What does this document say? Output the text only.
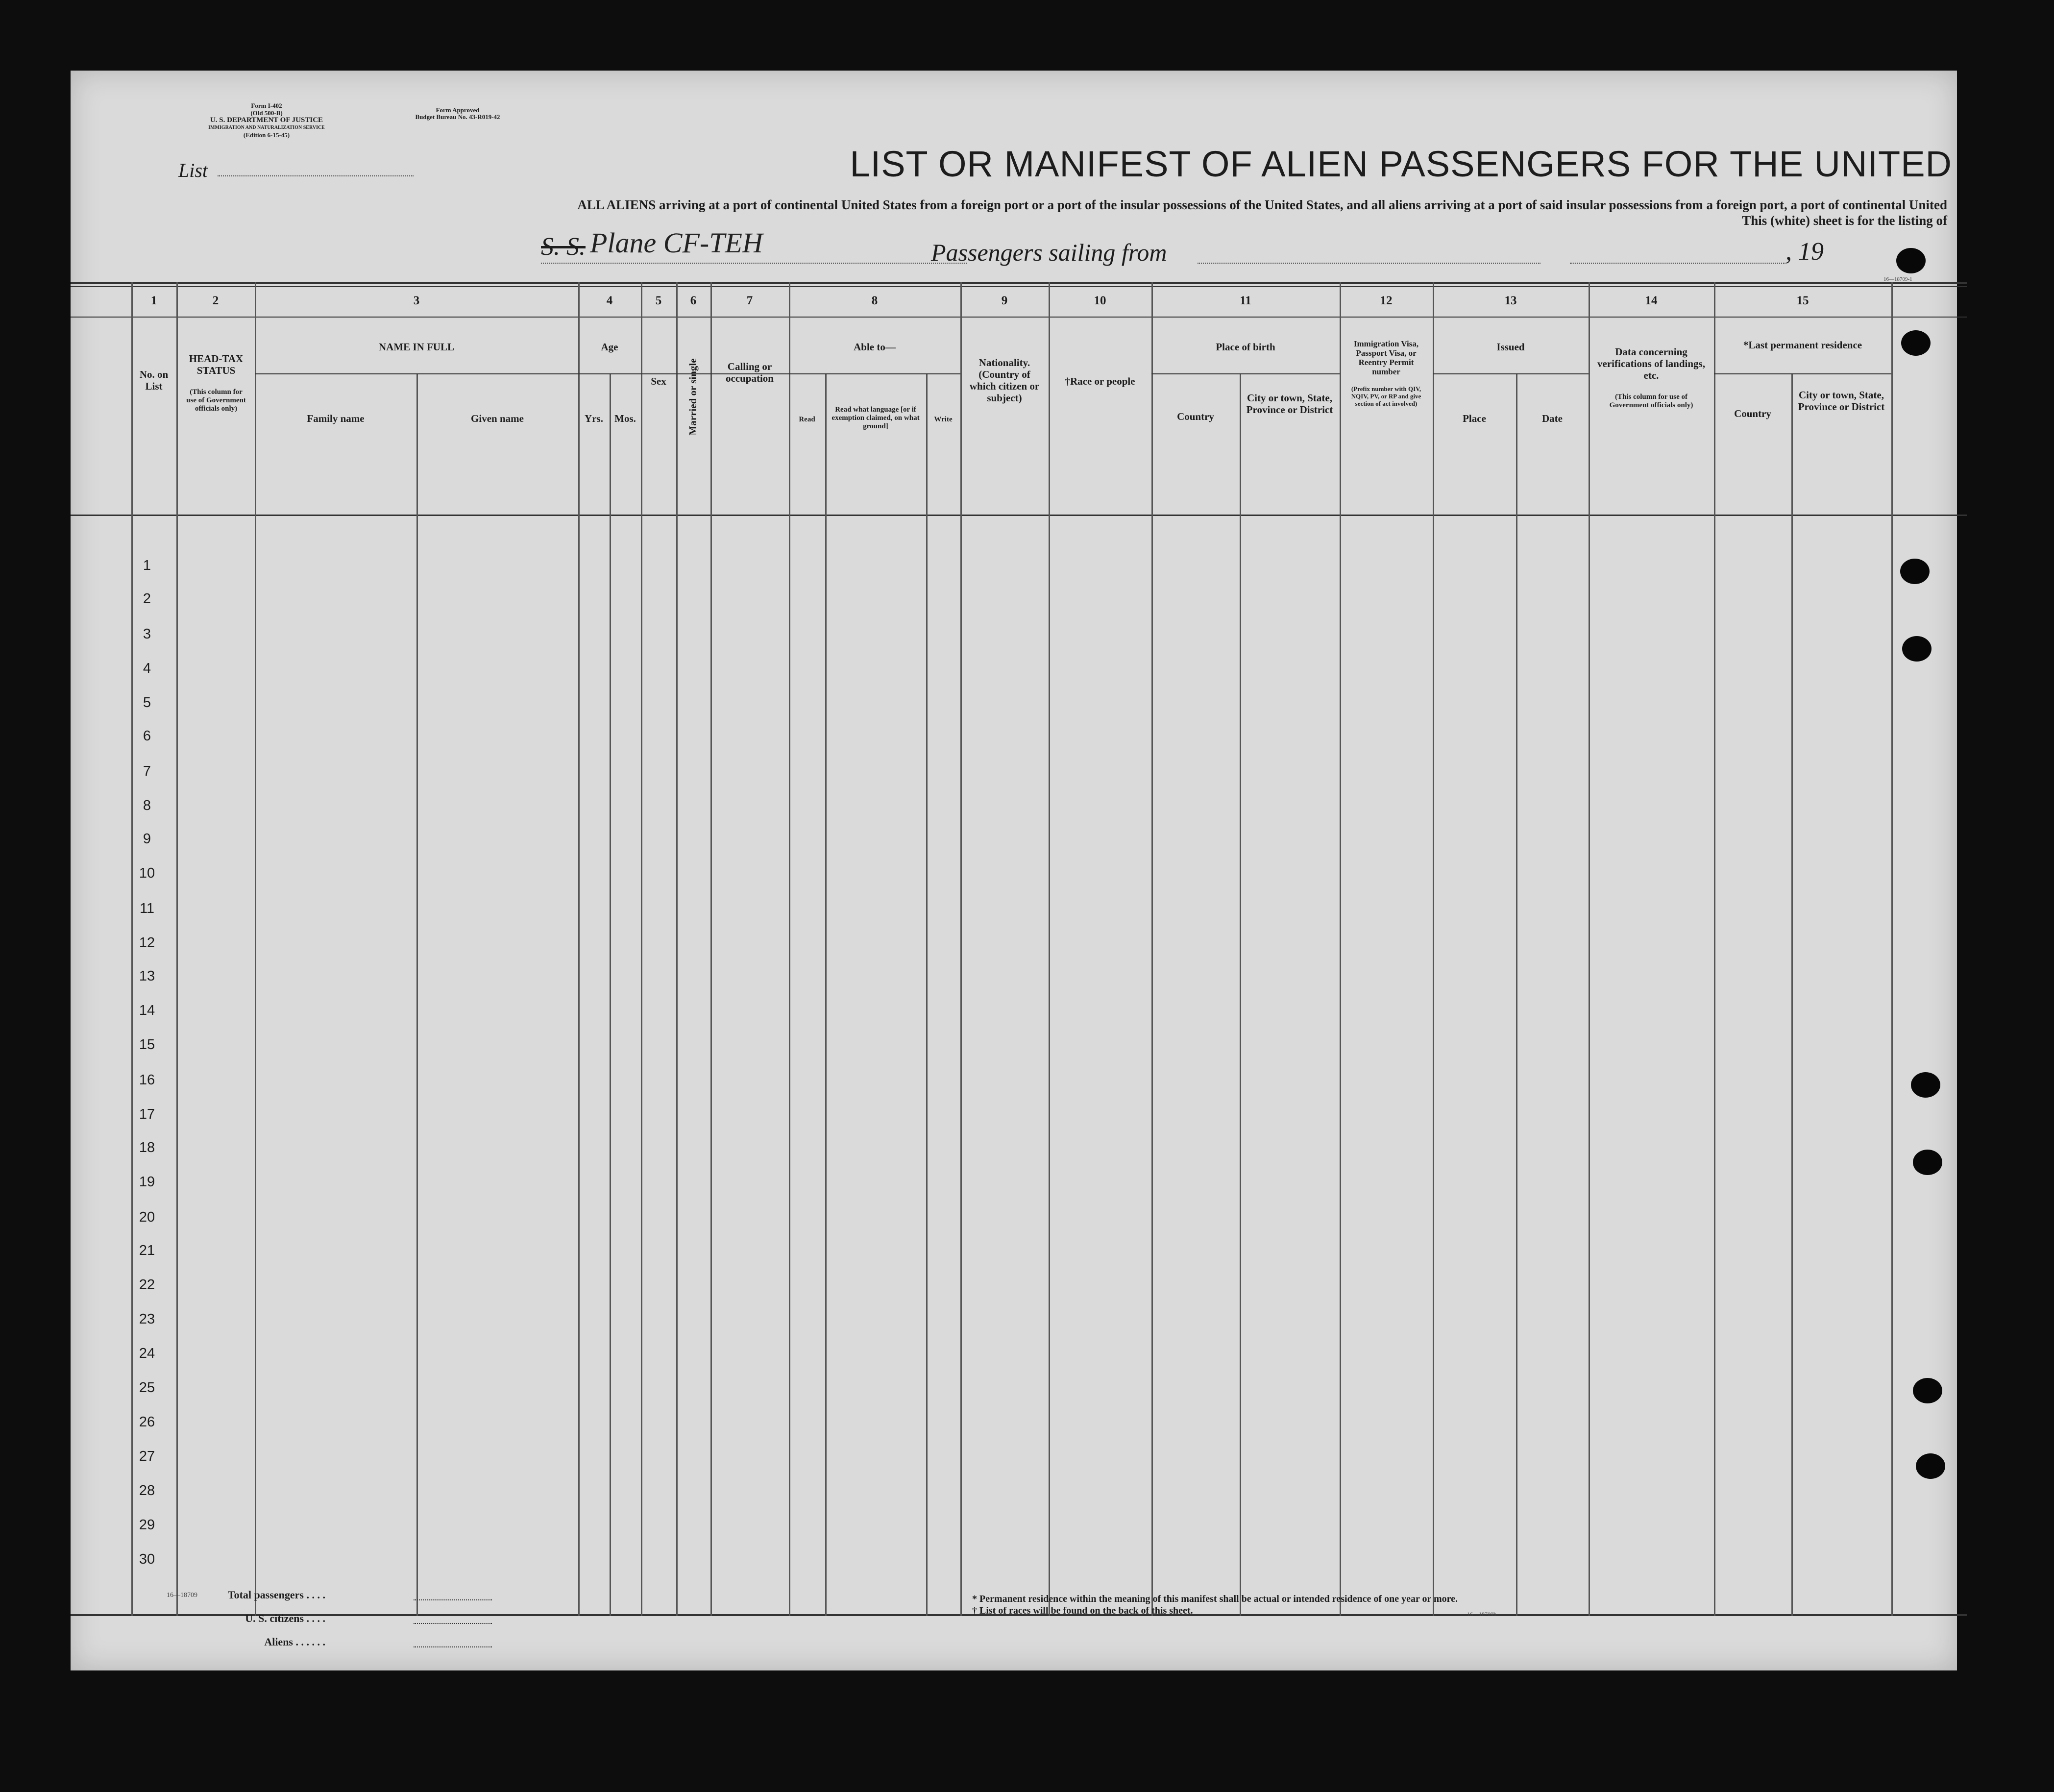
Form I-402
(Old 500-B)
U. S. DEPARTMENT OF JUSTICE
IMMIGRATION AND NATURALIZATION SERVICE
(Edition 6-15-45)
Form Approved
Budget Bureau No. 43-R019-42
List	LIST OR MANIFEST OF ALIEN PASSENGERS FOR THE UNITED
ALL ALIENS arriving at a port of continental United States from a foreign port or a port of the insular possessions of the United States, and all aliens arriving at a port of said insular possessions from a foreign port, a port of continental United
This (white) sheet is for the listing of
S. S. Plane CF-TEH	Passengers sailing from	, 19
16—18709-1
1	2	3	4	5	6	7	8	9	10	11	12	13	14	15
No. on List
HEAD-TAX STATUS
(This column for use of Government officials only)
NAME IN FULL
Family name	Given name
Age
Yrs.	Mos.
Sex	Married or single	Calling or occupation
Able to—
Read
Read what language [or if exemption claimed, on what ground]
Write
Nationality. (Country of which citizen or subject)
†Race or people
Place of birth
Country
City or town, State, Province or District
Immigration Visa, Passport Visa, or Reentry Permit number
(Prefix number with QIV, NQIV, PV, or RP and give section of act involved)
Issued
Place	Date
Data concerning verifications of landings, etc.
(This column for use of Government officials only)
*Last permanent residence
Country
City or town, State, Province or District
1
2
3
4
5
6
7
8
9
10
11
12
13
14
15
16
17
18
19
20
21
22
23
24
25
26
27
28
29
30
16—18709	Total passengers . . . .
U. S. citizens . . . .
Aliens . . . . . .
* Permanent residence within the meaning of this manifest shall be actual or intended residence of one year or more.
† List of races will be found on the back of this sheet.	16—18709b
